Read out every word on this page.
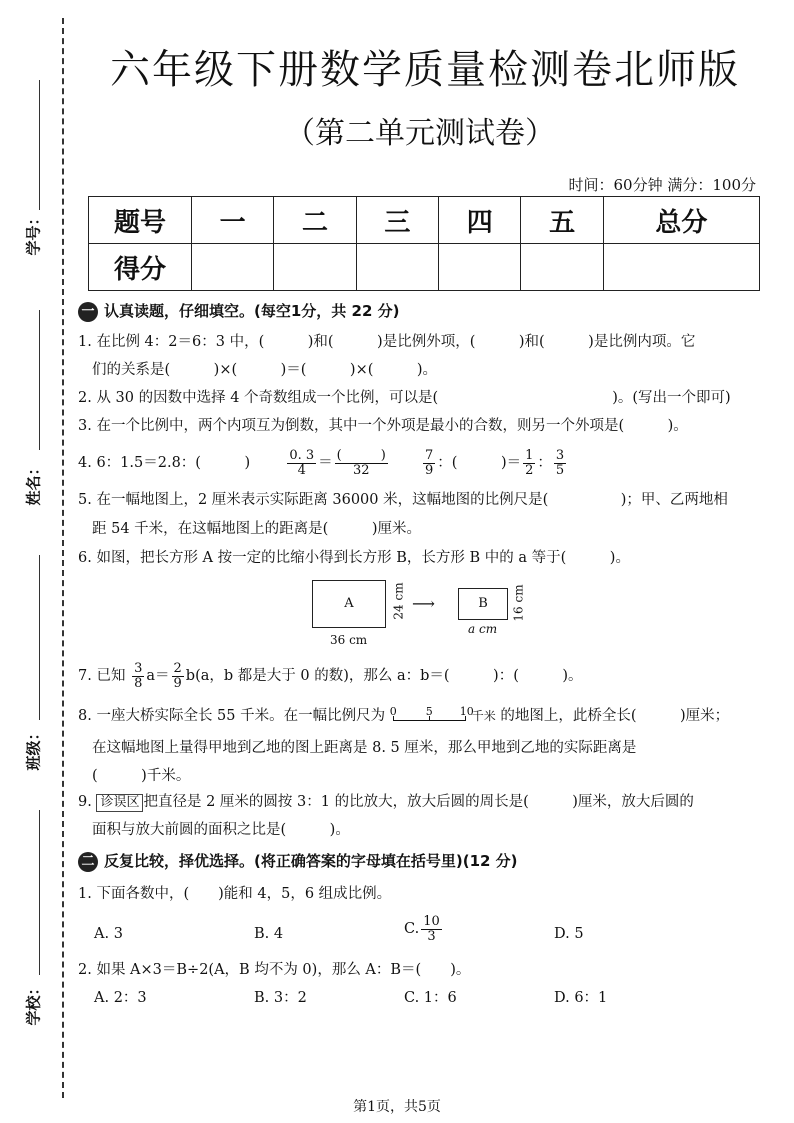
学号：
姓名：
班级：
学校：
六年级下册数学质量检测卷北师版
（第二单元测试卷）
时间：60分钟 满分：100分
题号	一	二	三	四	五	总分
得分						
一 认真读题，仔细填空。(每空1分，共 22 分)
1. 在比例 4：2＝6：3 中，(　　　)和(　　　)是比例外项，(　　　)和(　　　)是比例内项。它
们的关系是(　　　)×(　　　)＝(　　　)×(　　　)。
2. 从 30 的因数中选择 4 个奇数组成一个比例，可以是(　　　　　　　　　　　　)。(写出一个即可)
3. 在一个比例中，两个内项互为倒数，其中一个外项是最小的合数，则另一个外项是(　　　)。
4. 6：1.5＝2.8：(　　　)	$\frac{0. 3}{4} = \frac{( )}{32}$
	$\frac{7}{9}$ ：(　　　)＝ $\frac{1}{2}$ ： $\frac{3}{5}$
5. 在一幅地图上，2 厘米表示实际距离 36000 米，这幅地图的比例尺是(　　　　　)；甲、乙两地相
距 54 千米，在这幅地图上的距离是(　　　)厘米。
6. 如图，把长方形 A 按一定的比缩小得到长方形 B，长方形 B 中的 a 等于(　　　)。
A	24 cm
36 cm
⟶	B	16 cm
a cm
7. 已知 $\frac{3}{8} a= \frac{2}{9} b(a$，b 都是大于 0 的数)，那么 a：b＝(　　　)：(　　　)。
8. 一座大桥实际全长 55 千米。在一幅比例尺为 0	5 10
$^{千米}$ 的地图上，此桥全长(　　　)厘米；
在这幅地图上量得甲地到乙地的图上距离是 8. 5 厘米，那么甲地到乙地的实际距离是
(　　　)千米。
9. 诊误区 把直径是 2 厘米的圆按 3：1 的比放大，放大后圆的周长是(　　　)厘米，放大后圆的
面积与放大前圆的面积之比是(　　　)。
二 反复比较，择优选择。(将正确答案的字母填在括号里)(12 分)
1. 下面各数中，(　　)能和 4，5，6 组成比例。
A. 3	B. 4	C. $\frac{10}{3}$	D. 5
2. 如果 A×3＝B÷2(A，B 均不为 0)，那么 A：B＝(　　)。
A. 2：3	B. 3：2	C. 1：6	D. 6：1
第1页，共5页
